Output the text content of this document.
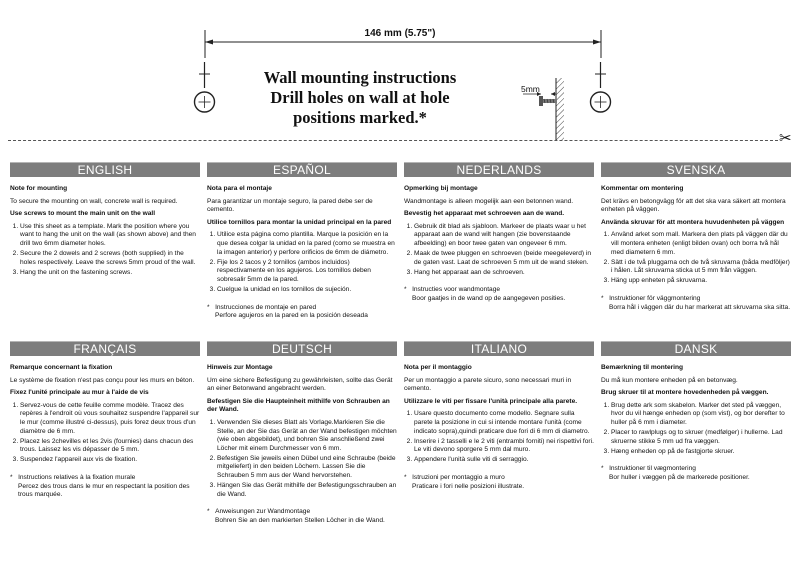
146 mm (5.75")
Wall mounting instructions
Drill holes on wall at hole
positions marked.*
5mm
✂
ENGLISH
Note for mounting

To secure the mounting on wall, concrete wall is required.

Use screws to mount the main unit on the wall
1. Use this sheet as a template. Mark the position where you want to hang the unit on the wall (as shown above) and then drill two 6mm diameter holes.
2. Secure the 2 dowels and 2 screws (both supplied) in the holes respectively. Leave the screws 5mm proud of the wall.
3. Hang the unit on the fastening screws.
ESPAÑOL
Nota para el montaje

Para garantizar un montaje seguro, la pared debe ser de cemento.

Utilice tornillos para montar la unidad principal en la pared
1. Utilice esta página como plantilla. Marque la posición en la que desea colgar la unidad en la pared (como se muestra en la imagen anterior) y perfore orificios de 6mm de diámetro.
2. Fije los 2 tacos y 2 tornillos (ambos incluidos) respectivamente en los agujeros. Los tornillos deben sobresalir 5mm de la pared.
3. Cuelgue la unidad en los tornillos de sujeción.
*   Instrucciones de montaje en pared
Perfore agujeros en la pared en la posición deseada
NEDERLANDS
Opmerking bij montage

Wandmontage is alleen mogelijk aan een betonnen wand.

Bevestig het apparaat met schroeven aan de wand.
1. Gebruik dit blad als sjabloon. Markeer de plaats waar u het apparaat aan de wand wilt hangen (zie bovenstaande afbeelding) en boor twee gaten van ongeveer 6 mm.
2. Maak de twee pluggen en schroeven (beide meegeleverd) in de gaten vast. Laat de schroeven 5 mm uit de wand steken.
3. Hang het apparaat aan de schroeven.
*   Instructies voor wandmontage
Boor gaatjes in de wand op de aangegeven posities.
SVENSKA
Kommentar om montering

Det krävs en betongvägg för att det ska vara säkert att montera enheten på väggen.

Använda skruvar för att montera huvudenheten på väggen
1. Använd arket som mall. Markera den plats på väggen där du vill montera enheten (enligt bilden ovan) och borra två hål med diametern 6 mm.
2. Sätt i de två pluggarna och de två skruvarna (båda medföljer) i hålen. Låt skruvarna sticka ut 5 mm från väggen.
3. Häng upp enheten på skruvarna.
*   Instruktioner för väggmontering
Borra hål i väggen där du har markerat att skruvarna ska sitta.
FRANÇAIS
Remarque concernant la fixation

Le système de fixation n'est pas conçu pour les murs en béton.

Fixez l'unité principale au mur à l'aide de vis
1. Servez-vous de cette feuille comme modèle. Tracez des repères à l'endroit où vous souhaitez suspendre l'appareil sur le mur (comme illustré ci-dessus), puis forez deux trous d'un diamètre de 6 mm.
2. Placez les 2chevilles et les 2vis (fournies) dans chacun des trous. Laissez les vis dépasser de 5 mm.
3. Suspendez l'appareil aux vis de fixation.
*   Instructions relatives à la fixation murale
Percez des trous dans le mur en respectant la position des trous marquée.
DEUTSCH
Hinweis zur Montage

Um eine sichere Befestigung zu gewährleisten, sollte das Gerät an einer Betonwand angebracht werden.

Befestigen Sie die Haupteinheit mithilfe von Schrauben an der Wand.
1. Verwenden Sie dieses Blatt als Vorlage.Markieren Sie die Stelle, an der Sie das Gerät an der Wand befestigen möchten (wie oben abgebildet), und bohren Sie anschließend zwei Löcher mit einem Durchmesser von 6 mm.
2. Befestigen Sie jeweils einen Dübel und eine Schraube (beide mitgeliefert) in den beiden Löchern. Lassen Sie die Schrauben 5 mm aus der Wand hervorstehen.
3. Hängen Sie das Gerät mithilfe der Befestigungsschrauben an die Wand.
*   Anweisungen zur Wandmontage
Bohren Sie an den markierten Stellen Löcher in die Wand.
ITALIANO
Nota per il montaggio

Per un montaggio a parete sicuro, sono necessari muri in cemento.

Utilizzare le viti per fissare l'unità principale alla parete.
1. Usare questo documento come modello. Segnare sulla parete la posizione in cui si intende montare l'unità (come indicato sopra),quindi praticare due fori di 6 mm di diametro.
2. Inserire i 2 tasselli e le 2 viti (entrambi forniti) nei rispettivi fori. Le viti devono sporgere 5 mm dal muro.
3. Appendere l'unità sulle viti di serraggio.
*   Istruzioni per montaggio a muro
Praticare i fori nelle posizioni illustrate.
DANSK
Bemærkning til montering

Du må kun montere enheden på en betonvæg.

Brug skruer til at montere hovedenheden på væggen.
1. Brug dette ark som skabelon. Marker det sted på væggen, hvor du vil hænge enheden op (som vist), og bor derefter to huller på 6 mm i diameter.
2. Placer to rawlplugs og to skruer (medfølger) i hullerne. Lad skruerne stikke 5 mm ud fra væggen.
3. Hæng enheden op på de fastgjorte skruer.
*   Instruktioner til vægmontering
Bor huller i væggen på de markerede positioner.
